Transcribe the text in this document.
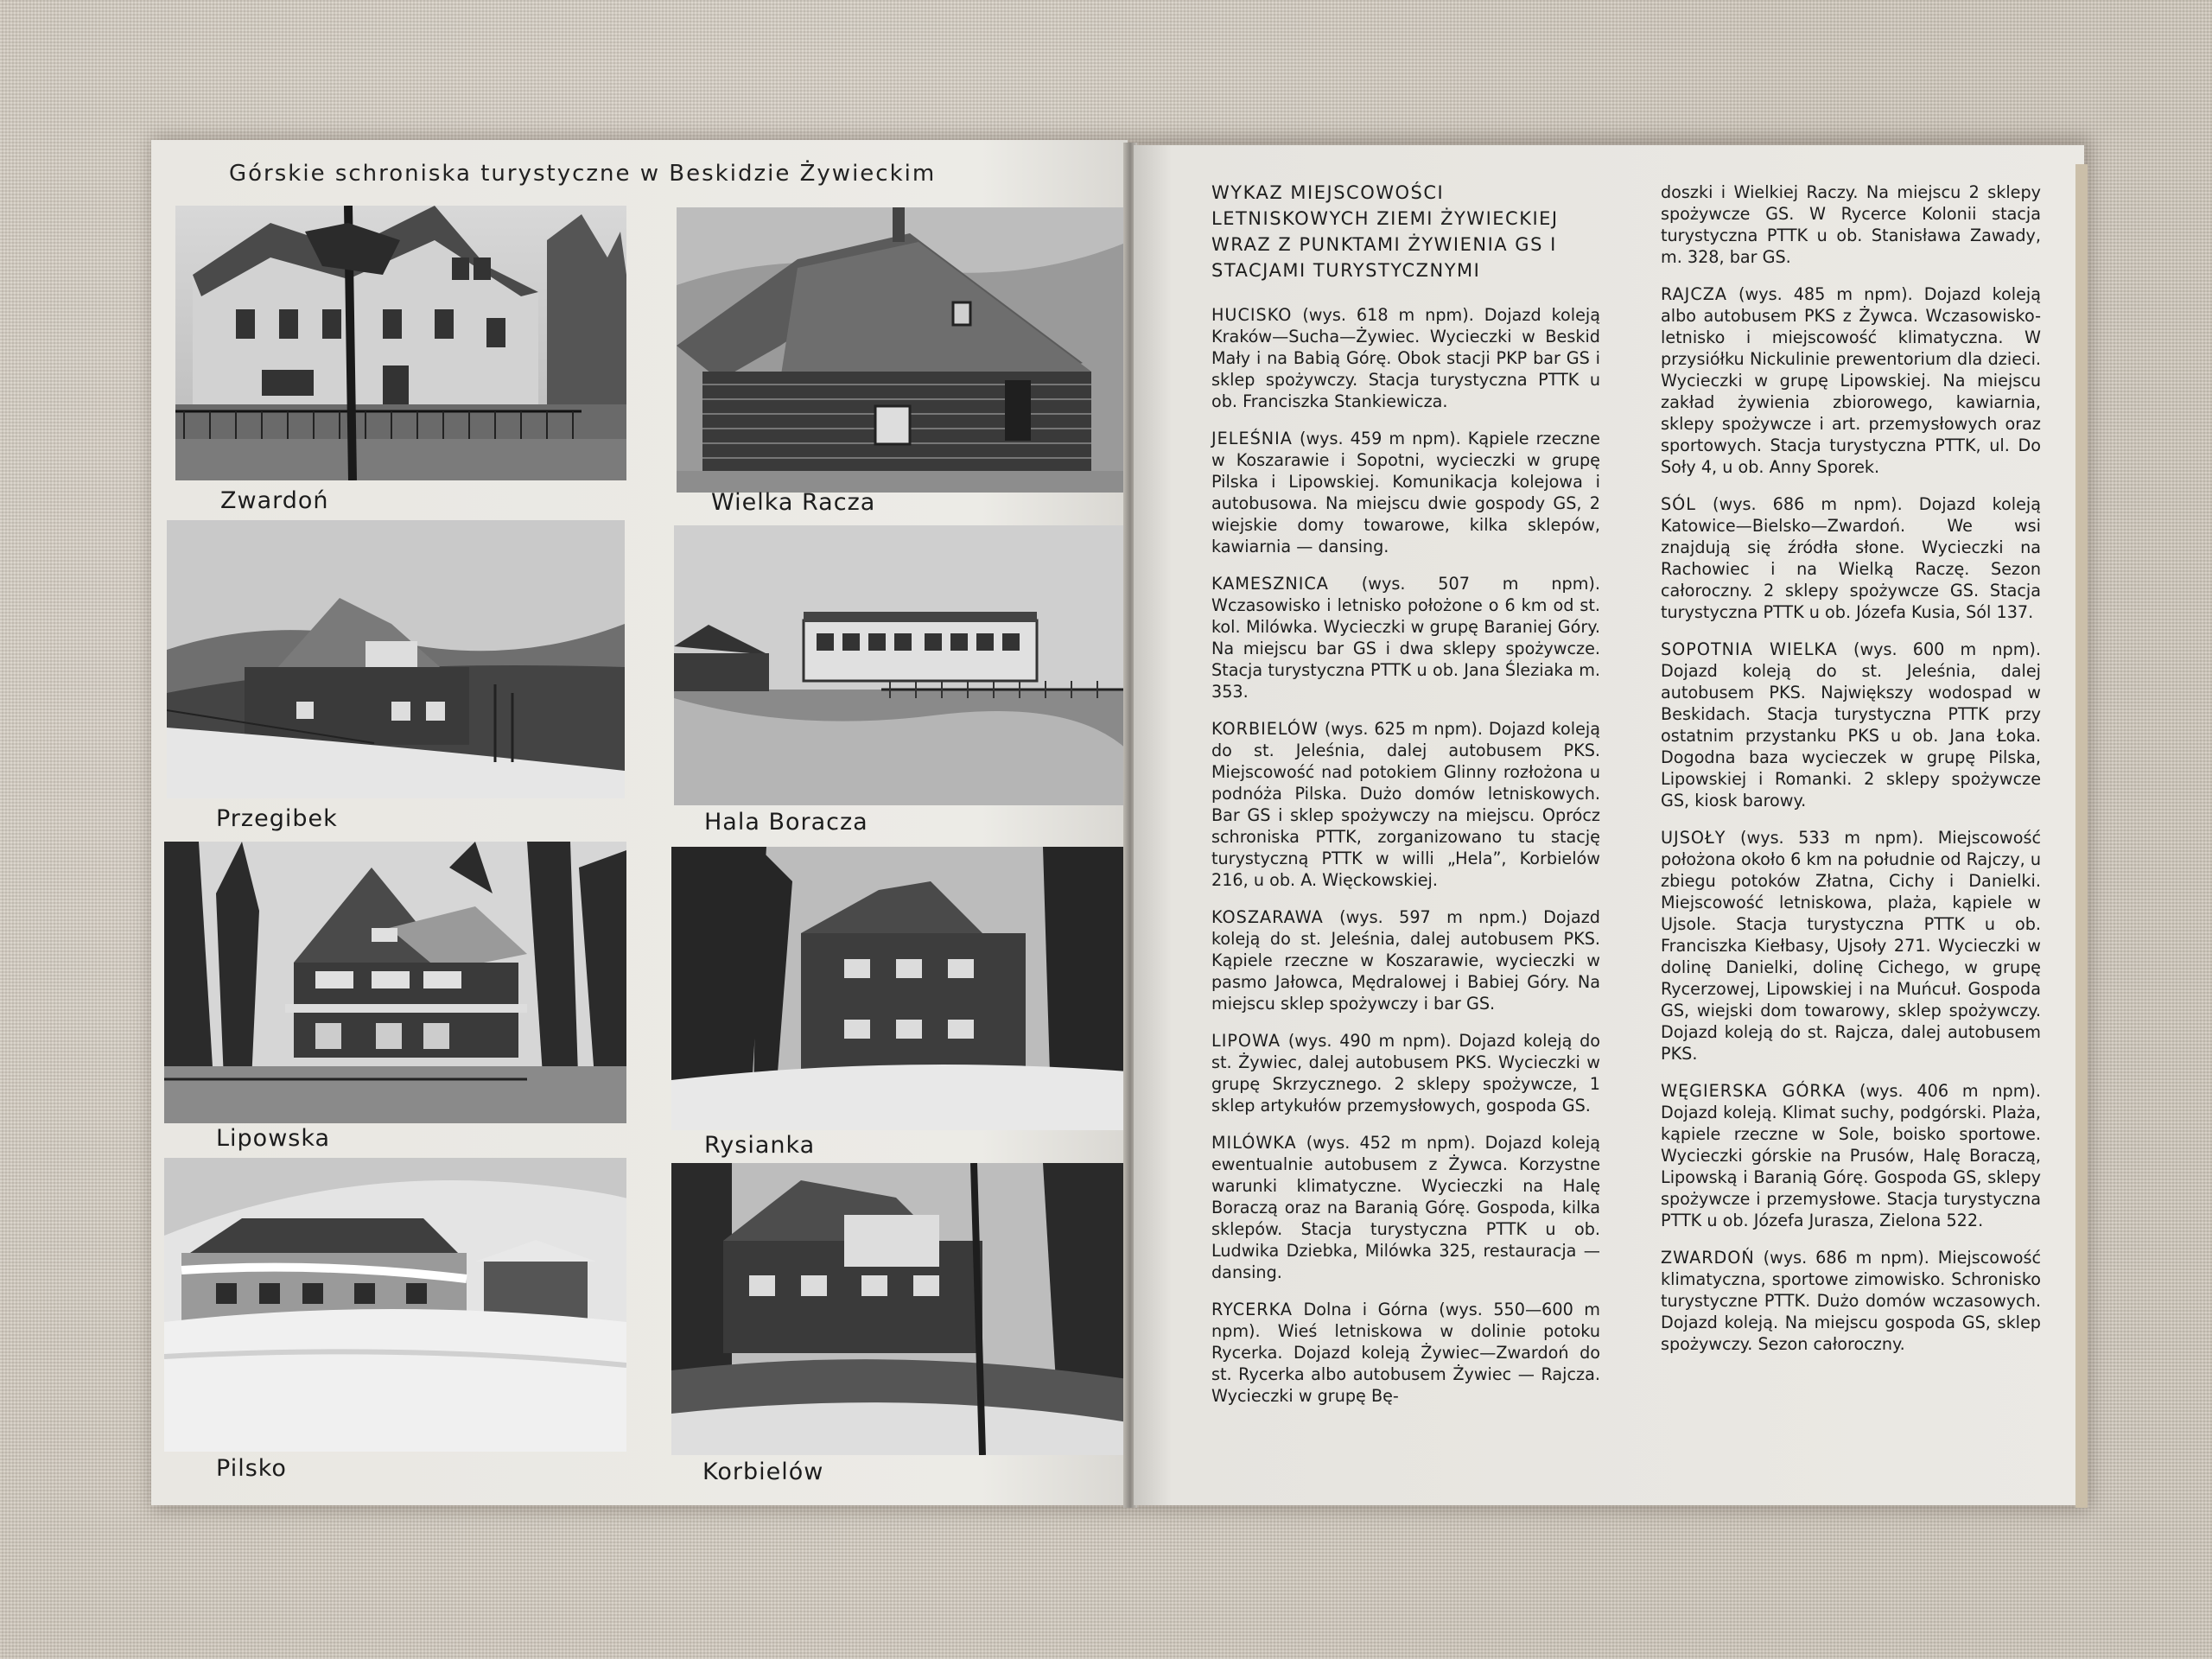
Górskie schroniska turystyczne w Beskidzie Żywieckim
Zwardoń	Wielka Racza
Przegibek	Hala Boracza
Lipowska	Rysianka
Pilsko	Korbielów
WYKAZ MIEJSCOWOŚCI LETNISKOWYCH ZIEMI ŻYWIECKIEJ WRAZ Z PUNKTAMI ŻYWIENIA GS I STACJAMI TURYSTYCZNYMI
HUCISKO (wys. 618 m npm). Dojazd koleją Kraków—Sucha—Żywiec. Wycieczki w Beskid Mały i na Babią Górę. Obok stacji PKP bar GS i sklep spożywczy. Stacja turystyczna PTTK u ob. Franciszka Stankiewicza.
JELEŚNIA (wys. 459 m npm). Kąpiele rzeczne w Koszarawie i Sopotni, wycieczki w grupę Pilska i Lipowskiej. Komunikacja kolejowa i autobusowa. Na miejscu dwie gospody GS, 2 wiejskie domy towarowe, kilka sklepów, kawiarnia — dansing.
KAMESZNICA (wys. 507 m npm). Wczasowisko i letnisko położone o 6 km od st. kol. Milówka. Wycieczki w grupę Baraniej Góry. Na miejscu bar GS i dwa sklepy spożywcze. Stacja turystyczna PTTK u ob. Jana Śleziaka m. 353.
KORBIELÓW (wys. 625 m npm). Dojazd koleją do st. Jeleśnia, dalej autobusem PKS. Miejscowość nad potokiem Glinny rozłożona u podnóża Pilska. Dużo domów letniskowych. Bar GS i sklep spożywczy na miejscu. Oprócz schroniska PTTK, zorganizowano tu stację turystyczną PTTK w willi „Hela”, Korbielów 216, u ob. A. Więckowskiej.
KOSZARAWA (wys. 597 m npm.) Dojazd koleją do st. Jeleśnia, dalej autobusem PKS. Kąpiele rzeczne w Koszarawie, wycieczki w pasmo Jałowca, Mędralowej i Babiej Góry. Na miejscu sklep spożywczy i bar GS.
LIPOWA (wys. 490 m npm). Dojazd koleją do st. Żywiec, dalej autobusem PKS. Wycieczki w grupę Skrzycznego. 2 sklepy spożywcze, 1 sklep artykułów przemysłowych, gospoda GS.
MILÓWKA (wys. 452 m npm). Dojazd koleją ewentualnie autobusem z Żywca. Korzystne warunki klimatyczne. Wycieczki na Halę Boraczą oraz na Baranią Górę. Gospoda, kilka sklepów. Stacja turystyczna PTTK u ob. Ludwika Dziebka, Milówka 325, restauracja — dansing.
RYCERKA Dolna i Górna (wys. 550—600 m npm). Wieś letniskowa w dolinie potoku Rycerka. Dojazd koleją Żywiec—Zwardoń do st. Rycerka albo autobusem Żywiec — Rajcza. Wycieczki w grupę Bę-
doszki i Wielkiej Raczy. Na miejscu 2 sklepy spożywcze GS. W Rycerce Kolonii stacja turystyczna PTTK u ob. Stanisława Zawady, m. 328, bar GS.
RAJCZA (wys. 485 m npm). Dojazd koleją albo autobusem PKS z Żywca. Wczasowisko-letnisko i miejscowość klimatyczna. W przysiółku Nickulinie prewentorium dla dzieci. Wycieczki w grupę Lipowskiej. Na miejscu zakład żywienia zbiorowego, kawiarnia, sklepy spożywcze i art. przemysłowych oraz sportowych. Stacja turystyczna PTTK, ul. Do Soły 4, u ob. Anny Sporek.
SÓL (wys. 686 m npm). Dojazd koleją Katowice—Bielsko—Zwardoń. We wsi znajdują się źródła słone. Wycieczki na Rachowiec i na Wielką Raczę. Sezon całoroczny. 2 sklepy spożywcze GS. Stacja turystyczna PTTK u ob. Józefa Kusia, Sól 137.
SOPOTNIA WIELKA (wys. 600 m npm). Dojazd koleją do st. Jeleśnia, dalej autobusem PKS. Największy wodospad w Beskidach. Stacja turystyczna PTTK przy ostatnim przystanku PKS u ob. Jana Łoka. Dogodna baza wycieczek w grupę Pilska, Lipowskiej i Romanki. 2 sklepy spożywcze GS, kiosk barowy.
UJSOŁY (wys. 533 m npm). Miejscowość położona około 6 km na południe od Rajczy, u zbiegu potoków Złatna, Cichy i Danielki. Miejscowość letniskowa, plaża, kąpiele w Ujsole. Stacja turystyczna PTTK u ob. Franciszka Kiełbasy, Ujsoły 271. Wycieczki w dolinę Danielki, dolinę Cichego, w grupę Rycerzowej, Lipowskiej i na Muńcuł. Gospoda GS, wiejski dom towarowy, sklep spożywczy. Dojazd koleją do st. Rajcza, dalej autobusem PKS.
WĘGIERSKA GÓRKA (wys. 406 m npm). Dojazd koleją. Klimat suchy, podgórski. Plaża, kąpiele rzeczne w Sole, boisko sportowe. Wycieczki górskie na Prusów, Halę Boraczą, Lipowską i Baranią Górę. Gospoda GS, sklepy spożywcze i przemysłowe. Stacja turystyczna PTTK u ob. Józefa Jurasza, Zielona 522.
ZWARDOŃ (wys. 686 m npm). Miejscowość klimatyczna, sportowe zimowisko. Schronisko turystyczne PTTK. Dużo domów wczasowych. Dojazd koleją. Na miejscu gospoda GS, sklep spożywczy. Sezon całoroczny.
